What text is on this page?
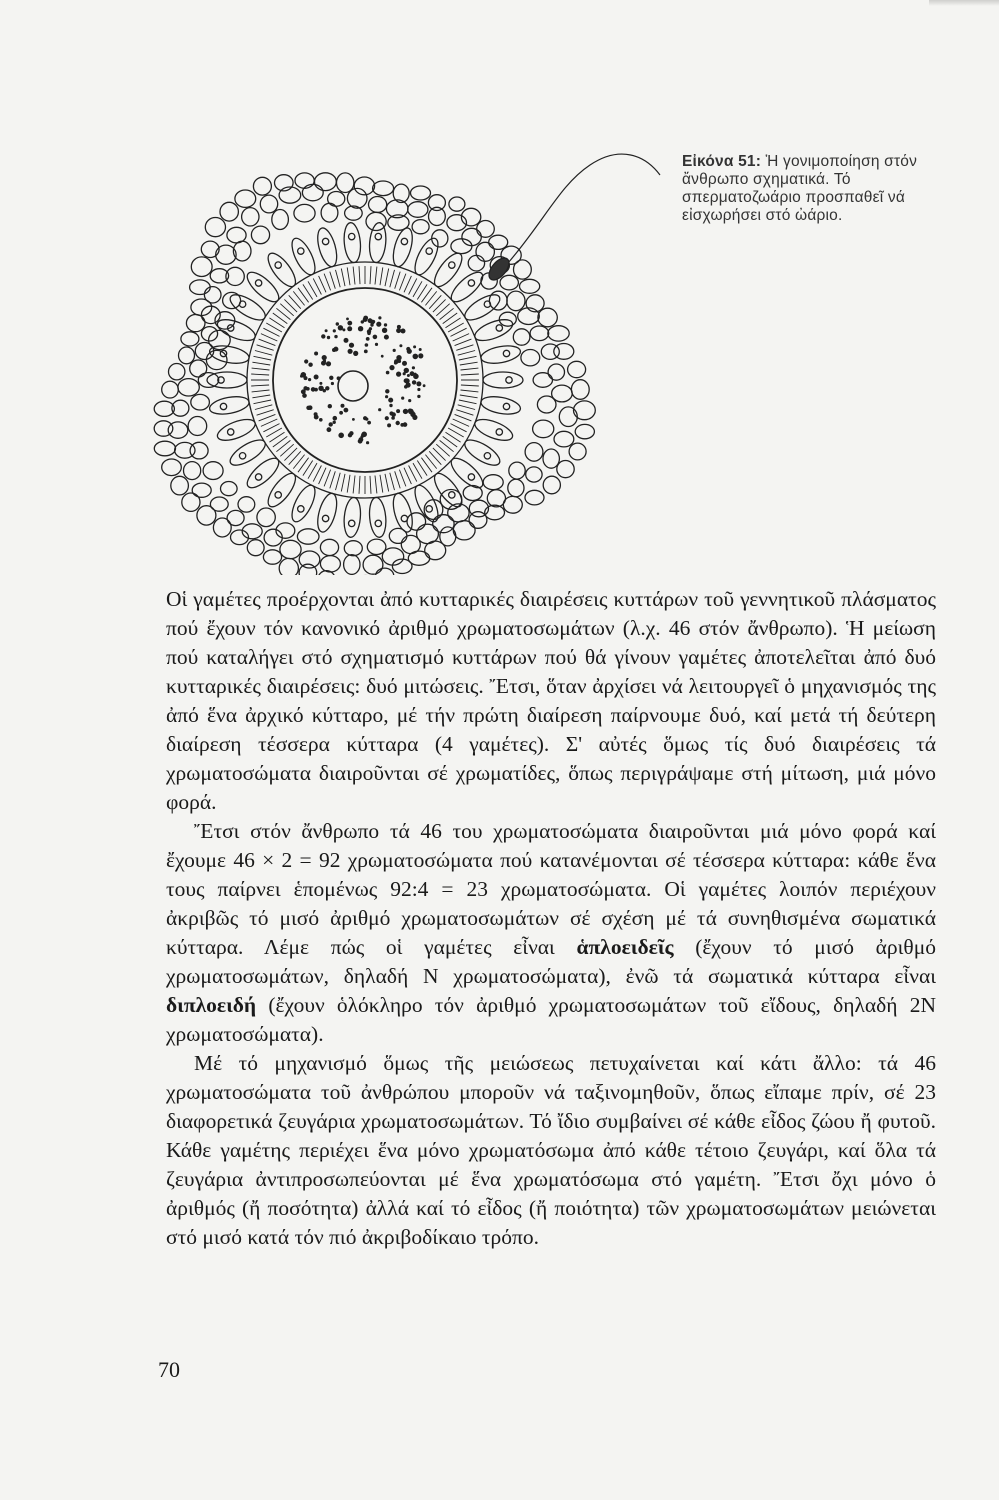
Εἰκόνα 51: Ἡ γονιμοποίηση στόν ἄνθρωπο σχηματικά. Τό σπερματοζωάριο προσπαθεῖ νά εἰσχωρήσει στό ὠάριο.

Οἱ γαμέτες προέρχονται ἀπό κυτταρικές διαιρέσεις κυττάρων τοῦ γεννητικοῦ πλάσματος πού ἔχουν τόν κανονικό ἀριθμό χρωματοσωμάτων (λ.χ. 46 στόν ἄνθρωπο). Ἡ μείωση πού καταλήγει στό σχηματισμό κυττάρων πού θά γίνουν γαμέτες ἀποτελεῖται ἀπό δυό κυτταρικές διαιρέσεις: δυό μιτώσεις. Ἔτσι, ὅταν ἀρχίσει νά λειτουργεῖ ὁ μηχανισμός της ἀπό ἕνα ἀρχικό κύτταρο, μέ τήν πρώτη διαίρεση παίρνουμε δυό, καί μετά τή δεύτερη διαίρεση τέσσερα κύτταρα (4 γαμέτες). Σ' αὐτές ὅμως τίς δυό διαιρέσεις τά χρωματοσώματα διαιροῦνται σέ χρωματίδες, ὅπως περιγράψαμε στή μίτωση, μιά μόνο φορά.

Ἔτσι στόν ἄνθρωπο τά 46 του χρωματοσώματα διαιροῦνται μιά μόνο φορά καί ἔχουμε 46 × 2 = 92 χρωματοσώματα πού κατανέμονται σέ τέσσερα κύτταρα: κάθε ἕνα τους παίρνει ἑπομένως 92:4 = 23 χρωματοσώματα. Οἱ γαμέτες λοιπόν περιέχουν ἀκριβῶς τό μισό ἀριθμό χρωματοσωμάτων σέ σχέση μέ τά συνηθισμένα σωματικά κύτταρα. Λέμε πώς οἱ γαμέτες εἶναι ἁπλοειδεῖς (ἔχουν τό μισό ἀριθμό χρωματοσωμάτων, δηλαδή Ν χρωματοσώματα), ἐνῶ τά σωματικά κύτταρα εἶναι διπλοειδή (ἔχουν ὁλόκληρο τόν ἀριθμό χρωματοσωμάτων τοῦ εἴδους, δηλαδή 2Ν χρωματοσώματα).

Μέ τό μηχανισμό ὅμως τῆς μειώσεως πετυχαίνεται καί κάτι ἄλλο: τά 46 χρωματοσώματα τοῦ ἀνθρώπου μποροῦν νά ταξινομηθοῦν, ὅπως εἴπαμε πρίν, σέ 23 διαφορετικά ζευγάρια χρωματοσωμάτων. Τό ἴδιο συμβαίνει σέ κάθε εἶδος ζώου ἤ φυτοῦ. Κάθε γαμέτης περιέχει ἕνα μόνο χρωματόσωμα ἀπό κάθε τέτοιο ζευγάρι, καί ὅλα τά ζευγάρια ἀντιπροσωπεύονται μέ ἕνα χρωματόσωμα στό γαμέτη. Ἔτσι ὄχι μόνο ὁ ἀριθμός (ἤ ποσότητα) ἀλλά καί τό εἶδος (ἤ ποιότητα) τῶν χρωματοσωμάτων μειώνεται στό μισό κατά τόν πιό ἀκριβοδίκαιο τρόπο.

70
